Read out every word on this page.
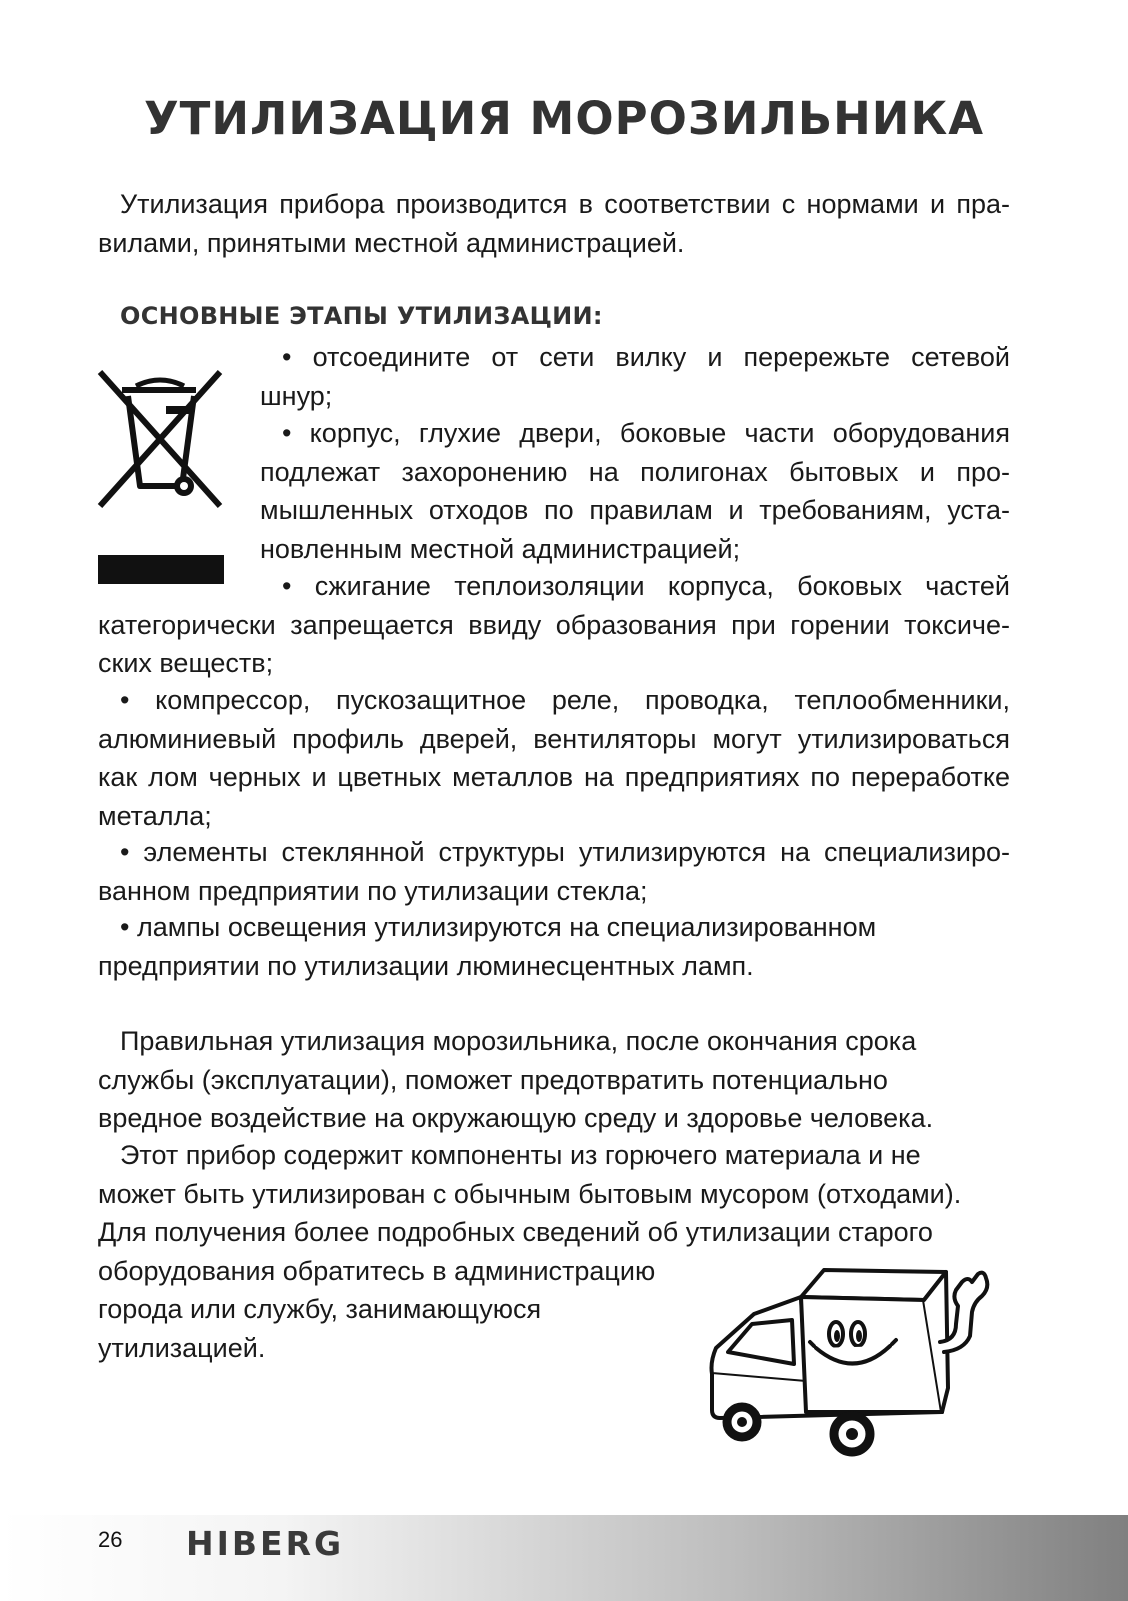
УТИЛИЗАЦИЯ МОРОЗИЛЬНИКА
Утилизация прибора производится в соответствии с нормами и пра-
вилами, принятыми местной администрацией.
ОСНОВНЫЕ ЭТАПЫ УТИЛИЗАЦИИ:
• отсоедините от сети вилку и перережьте сетевой
шнур;
• корпус, глухие двери, боковые части оборудования
подлежат захоронению на полигонах бытовых и про-
мышленных отходов по правилам и требованиям, уста-
новленным местной администрацией;
• сжигание теплоизоляции корпуса, боковых частей
категорически запрещается ввиду образования при горении токсиче-
ских веществ;
• компрессор, пускозащитное реле, проводка, теплообменники,
алюминиевый профиль дверей, вентиляторы могут утилизироваться
как лом черных и цветных металлов на предприятиях по переработке
металла;
• элементы стеклянной структуры утилизируются на специализиро-
ванном предприятии по утилизации стекла;
• лампы освещения утилизируются на специализированном
предприятии по утилизации люминесцентных ламп.
Правильная утилизация морозильника, после окончания срока
службы (эксплуатации), поможет предотвратить потенциально
вредное воздействие на окружающую среду и здоровье человека.
Этот прибор содержит компоненты из горючего материала и не
может быть утилизирован с обычным бытовым мусором (отходами).
Для получения более подробных сведений об утилизации старого
оборудования обратитесь в администрацию
города или службу, занимающуюся
утилизацией.
26 HIBERG
